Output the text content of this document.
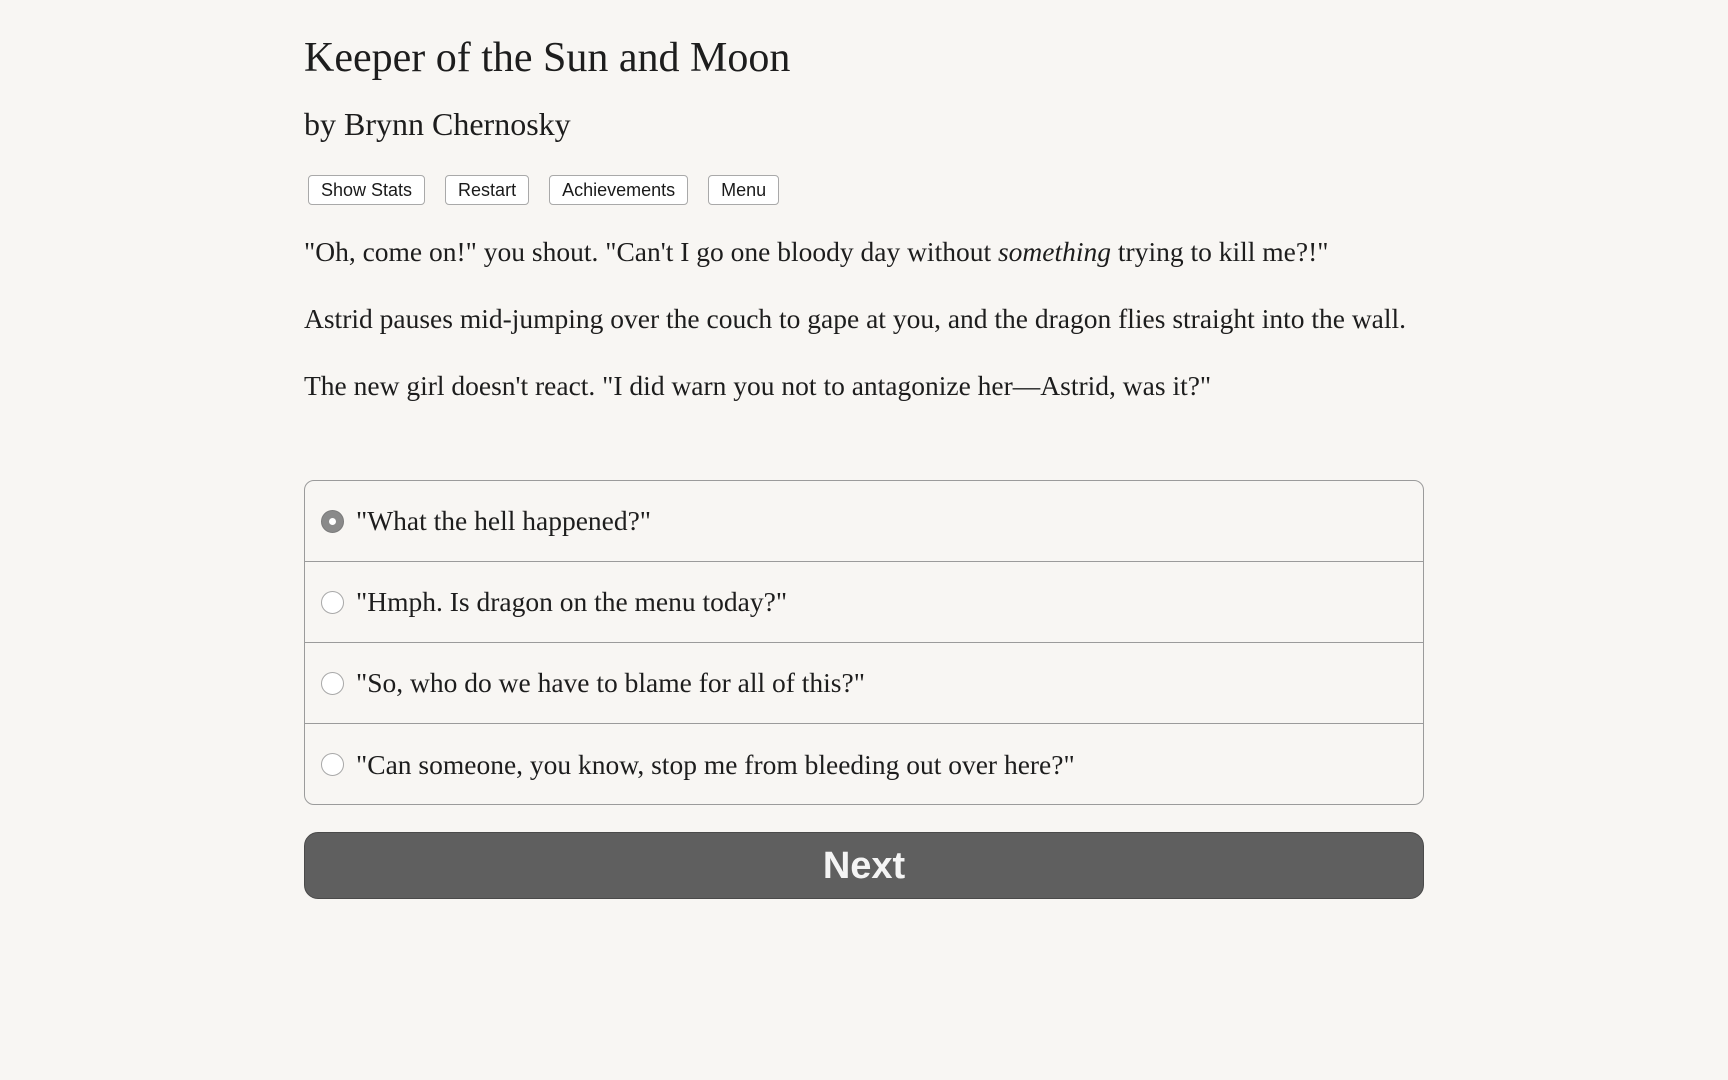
Keeper of the Sun and Moon
by Brynn Chernosky
Show Stats	Restart	Achievements	Menu

"Oh, come on!" you shout. "Can't I go one bloody day without something trying to kill me?!"

Astrid pauses mid-jumping over the couch to gape at you, and the dragon flies straight into the wall.

The new girl doesn't react. "I did warn you not to antagonize her—Astrid, was it?"

"What the hell happened?"
"Hmph. Is dragon on the menu today?"
"So, who do we have to blame for all of this?"
"Can someone, you know, stop me from bleeding out over here?"
Next
